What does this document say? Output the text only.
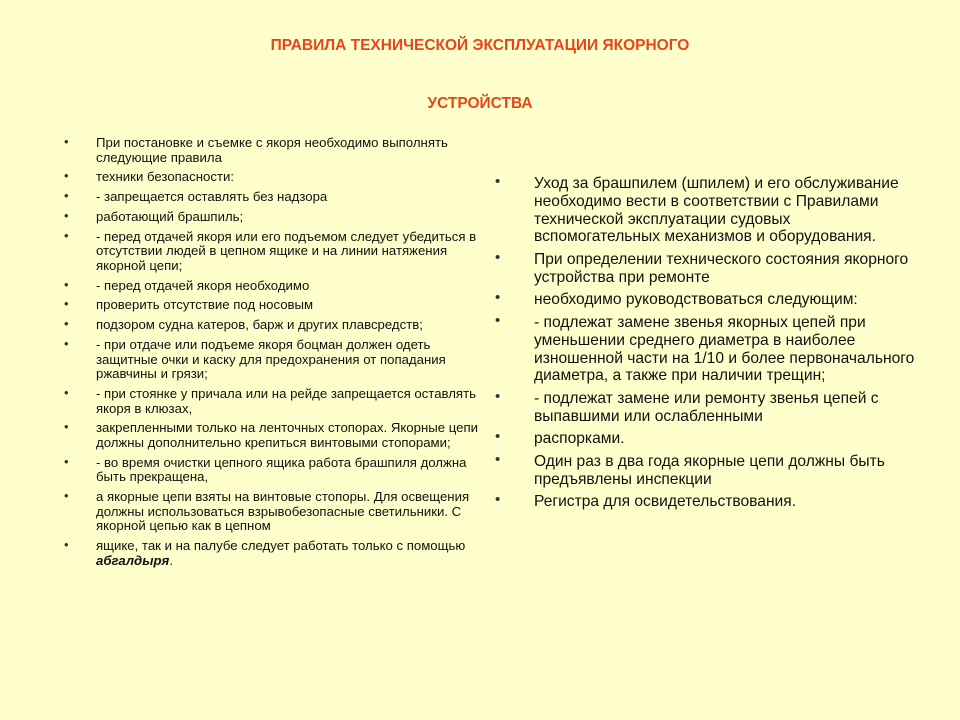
ПРАВИЛА ТЕХНИЧЕСКОЙ ЭКСПЛУАТАЦИИ ЯКОРНОГО
УСТРОЙСТВА
• При постановке и съемке с якоря необходимо выполнять следующие правила
• техники безопасности:
• - запрещается оставлять без надзора
• работающий брашпиль;
• - перед отдачей якоря или его подъемом следует убедиться в отсутствии людей в цепном ящике и на линии натяжения якорной цепи;
• - перед отдачей якоря необходимо
• проверить отсутствие под носовым
• подзором судна катеров, барж и других плавсредств;
• - при отдаче или подъеме якоря боцман должен одеть защитные очки и каску для предохранения от попадания ржавчины и грязи;
• - при стоянке у причала или на рейде запрещается оставлять якоря в клюзах,
• закрепленными только на ленточных стопорах. Якорные цепи должны дополнительно крепиться винтовыми стопорами;
• - во время очистки цепного ящика работа брашпиля должна быть прекращена,
• а якорные цепи взяты на винтовые стопоры. Для освещения должны использоваться взрывобезопасные светильники. С якорной цепью как в цепном
• ящике, так и на палубе следует работать только с помощью абгалдыря.
• Уход за брашпилем (шпилем) и его обслуживание необходимо вести в соответствии с Правилами технической эксплуатации судовых вспомогательных механизмов и оборудования.
• При определении технического состояния якорного устройства при ремонте
• необходимо руководствоваться следующим:
• - подлежат замене звенья якорных цепей при уменьшении среднего диаметра в наиболее изношенной части на 1/10 и более первоначального диаметра, а также при наличии трещин;
• - подлежат замене или ремонту звенья цепей с выпавшими или ослабленными
• распорками.
• Один раз в два года якорные цепи должны быть предъявлены инспекции
• Регистра для освидетельствования.
